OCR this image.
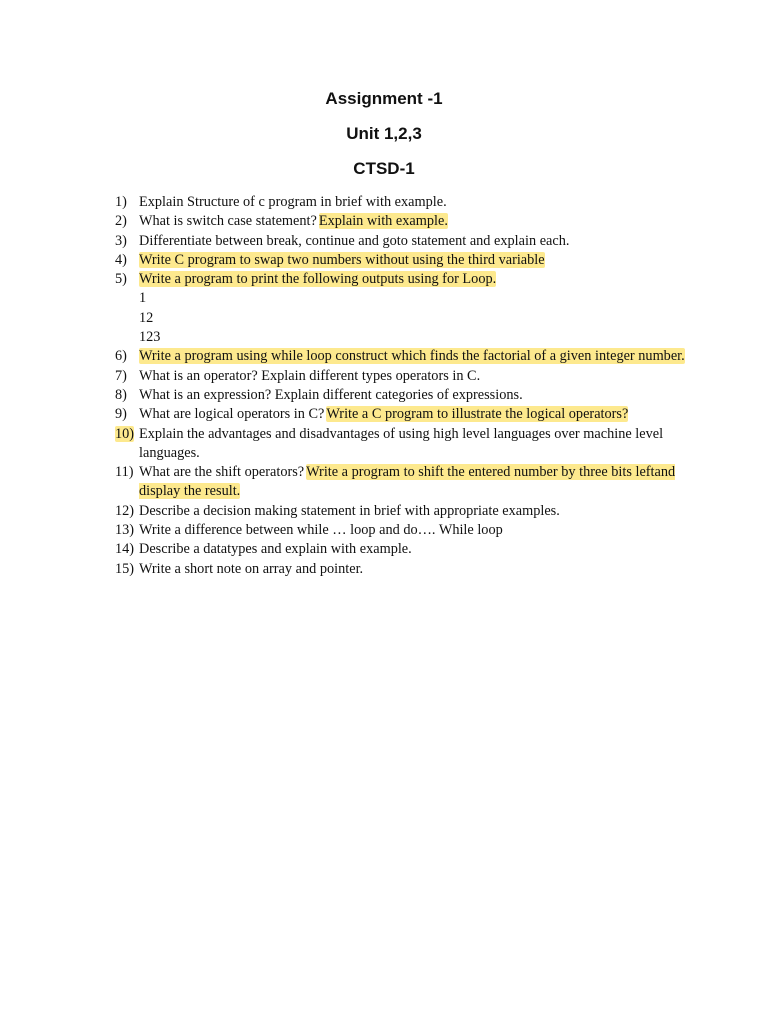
Assignment -1
Unit 1,2,3
CTSD-1
1) Explain Structure of c program in brief with example.
2) What is switch case statement? Explain with example.
3) Differentiate between break, continue and goto statement and explain each.
4) Write C program to swap two numbers without using the third variable
5) Write a program to print the following outputs using for Loop.
1
12
123
6) Write a program using while loop construct which finds the factorial of a given integer number.
7) What is an operator? Explain different types operators in C.
8) What is an expression? Explain different categories of expressions.
9) What are logical operators in C? Write a C program to illustrate the logical operators?
10) Explain the advantages and disadvantages of using high level languages over machine level languages.
11) What are the shift operators? Write a program to shift the entered number by three bits leftand display the result.
12) Describe a decision making statement in brief with appropriate examples.
13) Write a difference between while … loop and do…. While loop
14) Describe a datatypes and explain with example.
15) Write a short note on array and pointer.
